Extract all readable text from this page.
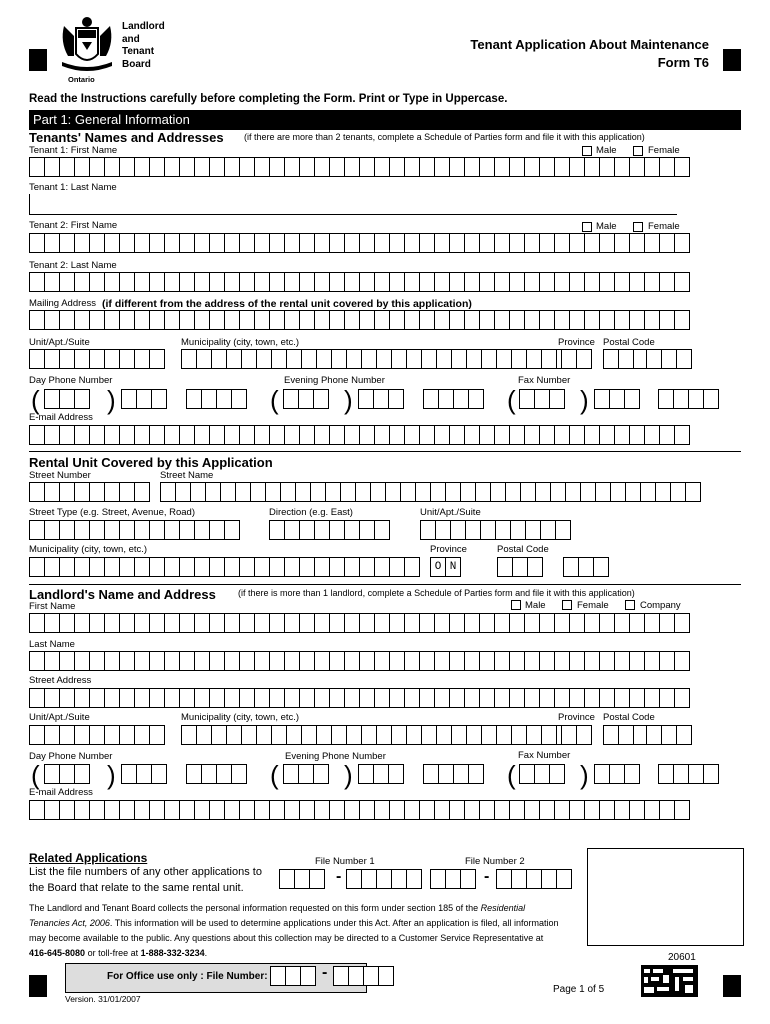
Landlord
and
Tenant
Board
Ontario
Tenant Application About Maintenance
Form T6
Read the Instructions carefully before completing the Form. Print or Type in Uppercase.
Part 1: General Information
Tenants' Names and Addresses (if there are more than 2 tenants, complete a Schedule of Parties form and file it with this application)
Tenant 1: First Name	Male	Female
Tenant 1: Last Name
Tenant 2: First Name	Male	Female
Tenant 2: Last Name
Mailing Address (if different from the address of the rental unit covered by this application)
Unit/Apt./Suite	Municipality (city, town, etc.)	Province Postal Code
Day Phone Number	Evening Phone Number	Fax Number
(	)	(	)	( )
E-mail Address
Rental Unit Covered by this Application
Street Number	Street Name
Street Type (e.g. Street, Avenue, Road)	Direction (e.g. East)	Unit/Apt./Suite
Municipality (city, town, etc.)	Province	Postal Code
O N
Landlord's Name and Address (if there is more than 1 landlord, complete a Schedule of Parties form and file it with this application)
First Name	Male	Female	Company
Last Name
Street Address
Unit/Apt./Suite	Municipality (city, town, etc.)	Province Postal Code
Day Phone Number	Evening Phone Number	Fax Number
(	)	(	)	( )
E-mail Address
Related Applications
List the file numbers of any other applications to
the Board that relate to the same rental unit.
File Number 1	File Number 2
-	-
The Landlord and Tenant Board collects the personal information requested on this form under section 185 of the Residential
Tenancies Act, 2006. This information will be used to determine applications under this Act. After an application is filed, all information
may become available to the public. Any questions about this collection may be directed to a Customer Service Representative at
416-645-8080 or toll-free at 1-888-332-3234.	20601
For Office use only : File Number:	-
Version. 31/01/2007
Page 1 of 5
